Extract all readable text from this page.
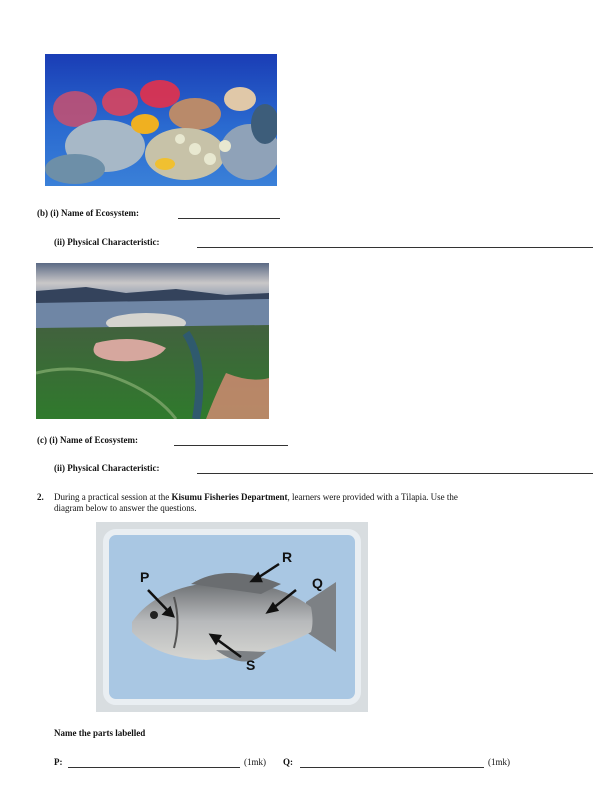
(b) (i) Name of Ecosystem:
(ii) Physical Characteristic:
(c) (i) Name of Ecosystem:
(ii) Physical Characteristic:
2. During a practical session at the Kisumu Fisheries Department, learners were provided with a Tilapia. Use the
diagram below to answer the questions.
P	Q
R
S
Name the parts labelled
P:	(1mk) Q:	(1mk)
